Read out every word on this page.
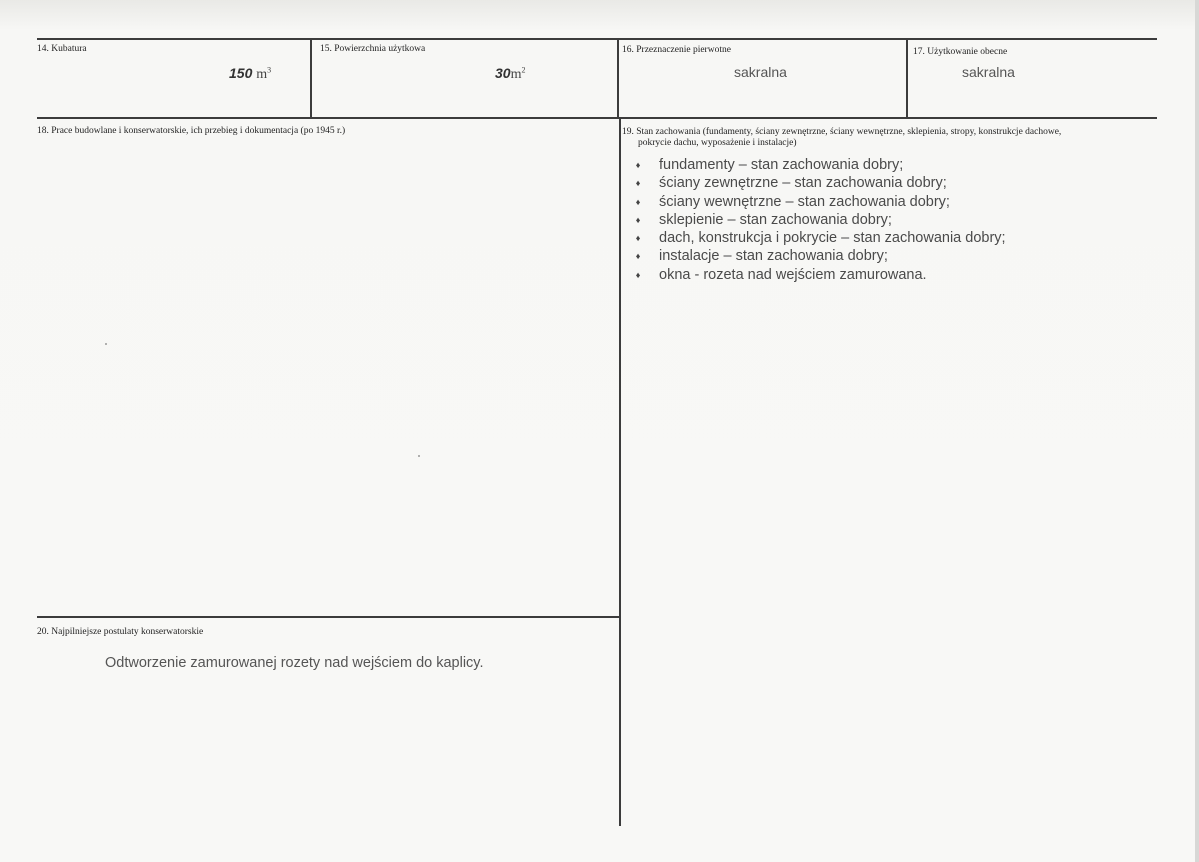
14. Kubatura
150 $m^3$
15. Powierzchnia użytkowa
$30m^2$
16. Przeznaczenie pierwotne
sakralna
17. Użytkowanie obecne
sakralna
18. Prace budowlane i konserwatorskie, ich przebieg i dokumentacja (po 1945 r.)	19. Stan zachowania (fundamenty, ściany zewnętrzne, ściany wewnętrzne, sklepienia, stropy, konstrukcje dachowe,
pokrycie dachu, wyposażenie i instalacje)
♦ fundamenty – stan zachowania dobry;
♦ ściany zewnętrzne – stan zachowania dobry;
♦ ściany wewnętrzne – stan zachowania dobry;
♦ sklepienie – stan zachowania dobry;
♦ dach, konstrukcja i pokrycie – stan zachowania dobry;
♦ instalacje – stan zachowania dobry;
♦ okna - rozeta nad wejściem zamurowana.
20. Najpilniejsze postulaty konserwatorskie
Odtworzenie zamurowanej rozety nad wejściem do kaplicy.
